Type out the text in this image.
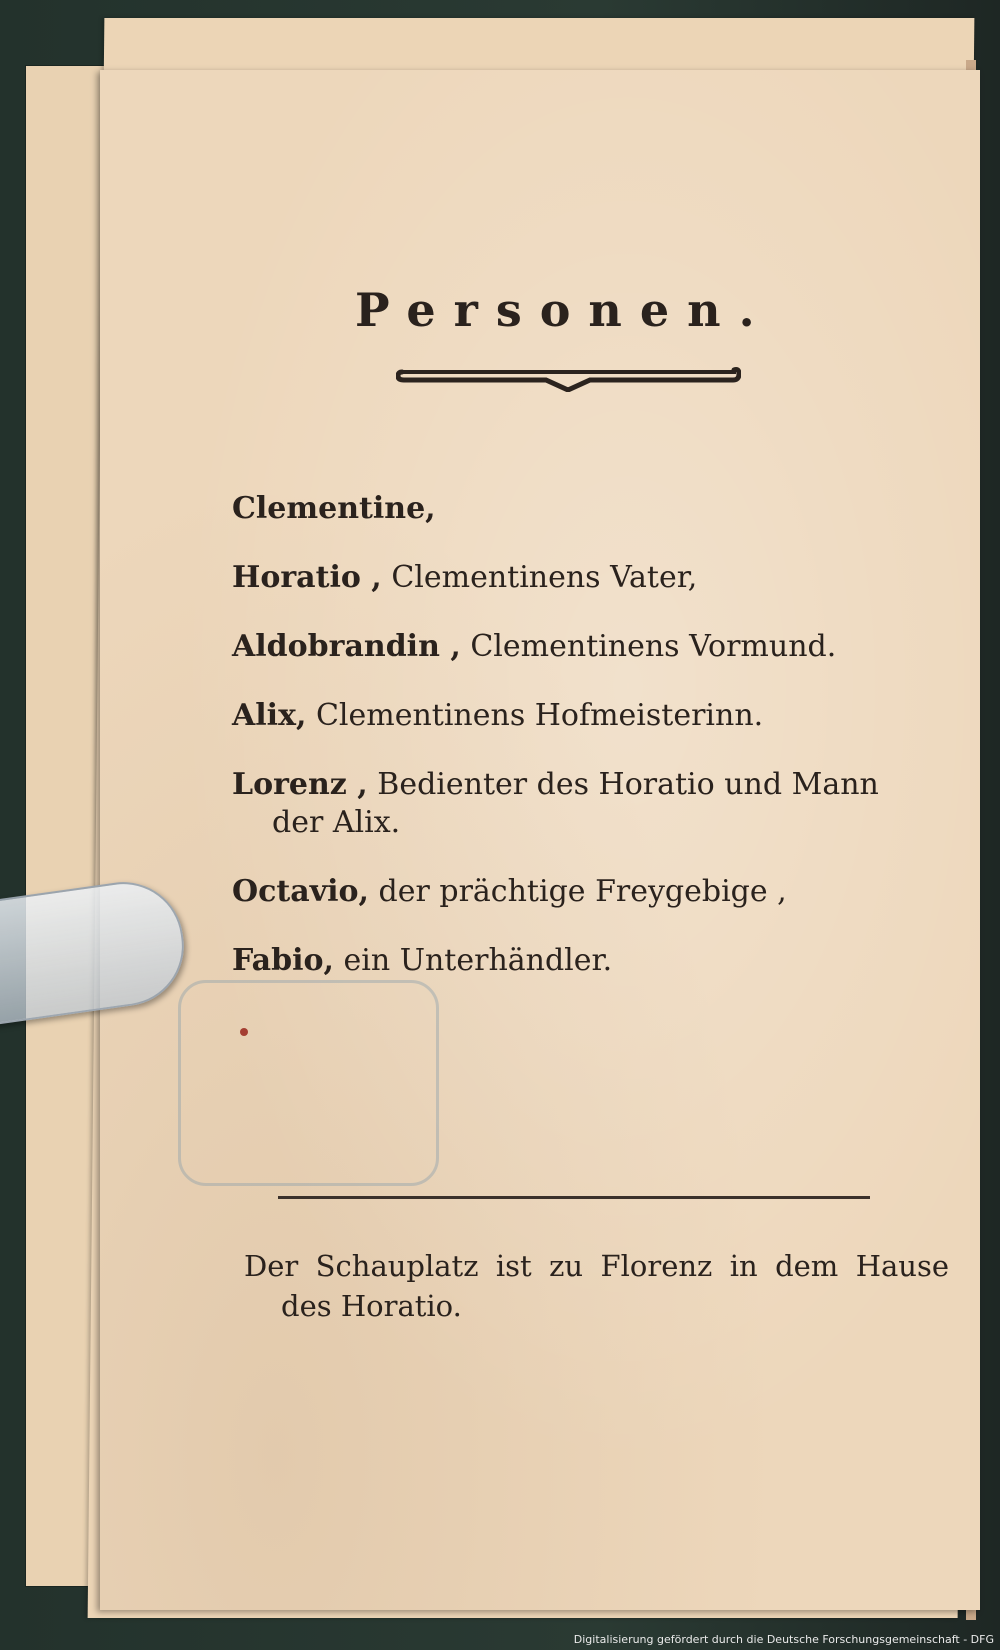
Personen.
Clementine,
Horatio , Clementinens Vater,
Aldobrandin , Clementinens Vormund.
Alix, Clementinens Hofmeisterinn.
Lorenz , Bedienter des Horatio und Mann der Alix.
Octavio, der prächtige Freygebige ,
Fabio, ein Unterhändler.
Der Schauplatz ist zu Florenz in dem Hause des Horatio.
Digitalisierung gefördert durch die Deutsche Forschungsgemeinschaft - DFG
